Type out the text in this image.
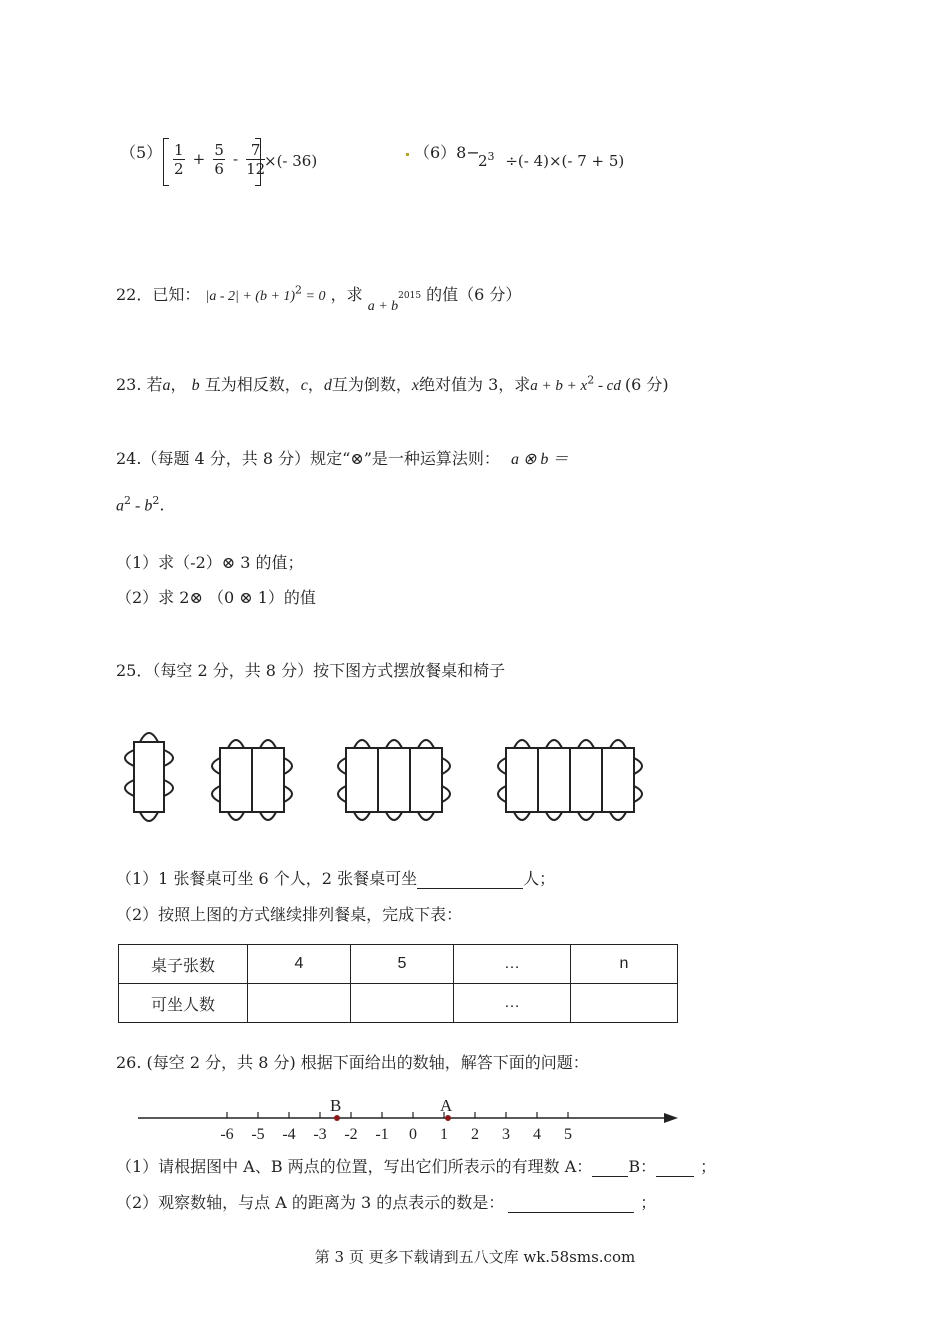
$(5) \frac{1}{2} + \frac{5}{6} - \frac{7}{12}$
×(- 36)	（6）8−
$2^3$ ÷(- 4)×(- 7 + 5)
22．已知： $|a - 2| + (b + 1)^2 = 0$ ，求 $a + b^{2015}$ 的值（6 分）
23. 若a， b 互为相反数，c，d互为倒数，x绝对值为 3，求$a + b + x^2$ - cd (6 分)
24.（每题 4 分，共 8 分）规定“⊗”是一种运算法则： a ⊗ b ＝
$a^2 - b^2$.
（1）求（-2）⊗ 3 的值；
（2）求 2⊗ （0 ⊗ 1）的值
25．（每空 2 分，共 8 分）按下图方式摆放餐桌和椅子
（1）1 张餐桌可坐 6 个人，2 张餐桌可坐	人；
（2）按照上图的方式继续排列餐桌，完成下表：
桌子张数	4	5	…	n
可坐人数			…	
26. (每空 2 分，共 8 分) 根据下面给出的数轴，解答下面的问题：
-6 -5 -4 -3 -2 -1 0 1 2 3 4 5
B	A
（1）请根据图中 A、B 两点的位置，写出它们所表示的有理数 A： B：	；
（2）观察数轴，与点 A 的距离为 3 的点表示的数是：	；
第 3 页 更多下载请到五八文库 wk.58sms.com
